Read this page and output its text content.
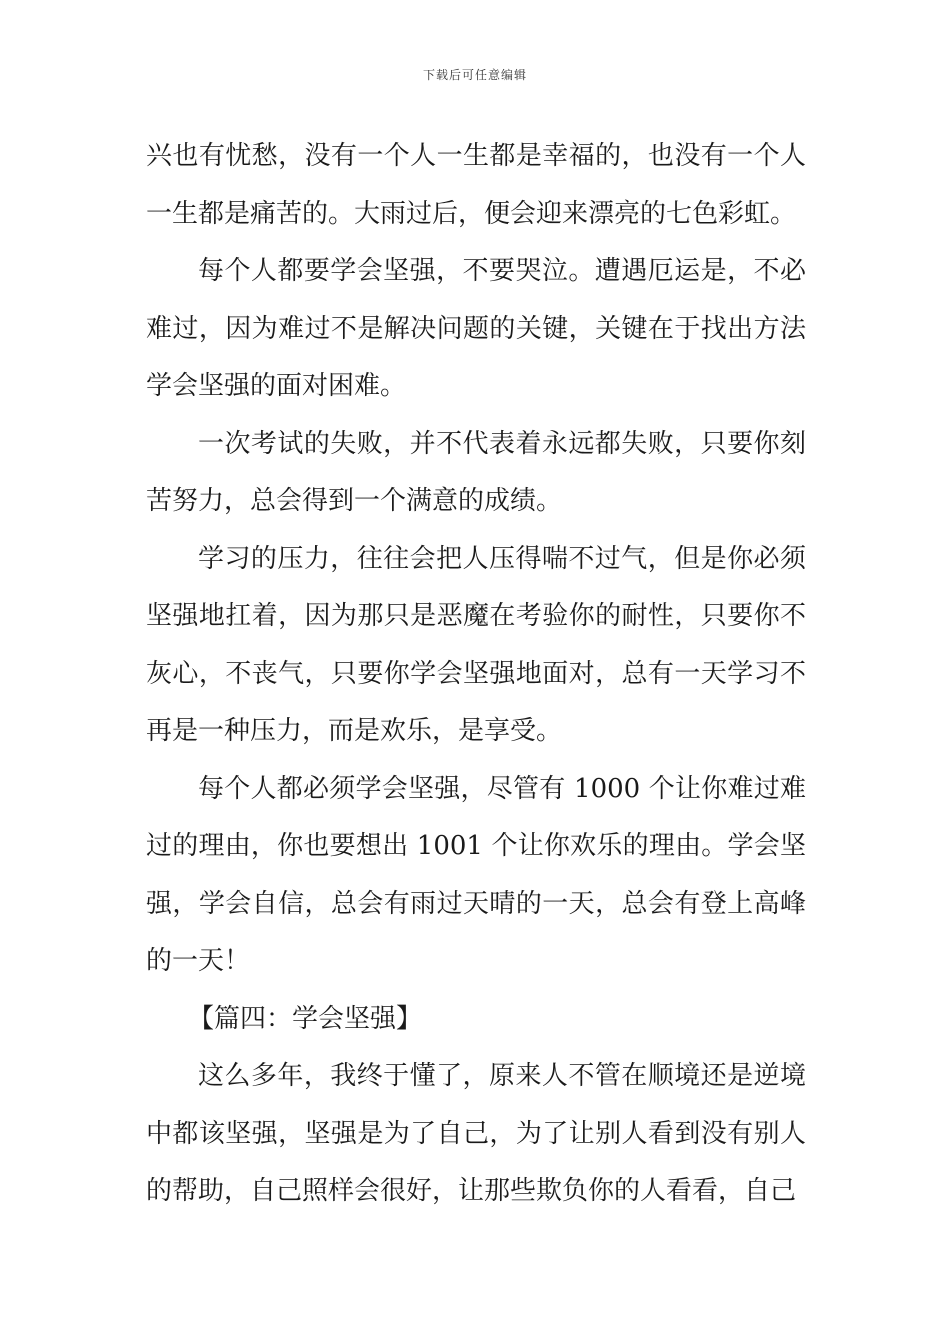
下载后可任意编辑

兴也有忧愁，没有一个人一生都是幸福的，也没有一个人一生都是痛苦的。大雨过后，便会迎来漂亮的七色彩虹。

每个人都要学会坚强，不要哭泣。遭遇厄运是，不必难过，因为难过不是解决问题的关键，关键在于找出方法学会坚强的面对困难。

一次考试的失败，并不代表着永远都失败，只要你刻苦努力，总会得到一个满意的成绩。

学习的压力，往往会把人压得喘不过气，但是你必须坚强地扛着，因为那只是恶魔在考验你的耐性，只要你不灰心，不丧气，只要你学会坚强地面对，总有一天学习不再是一种压力，而是欢乐，是享受。

每个人都必须学会坚强，尽管有 1000 个让你难过难过的理由，你也要想出 1001 个让你欢乐的理由。学会坚强，学会自信，总会有雨过天晴的一天，总会有登上高峰的一天！

【篇四：学会坚强】

这么多年，我终于懂了，原来人不管在顺境还是逆境中都该坚强，坚强是为了自己，为了让别人看到没有别人的帮助，自己照样会很好，让那些欺负你的人看看，自己
